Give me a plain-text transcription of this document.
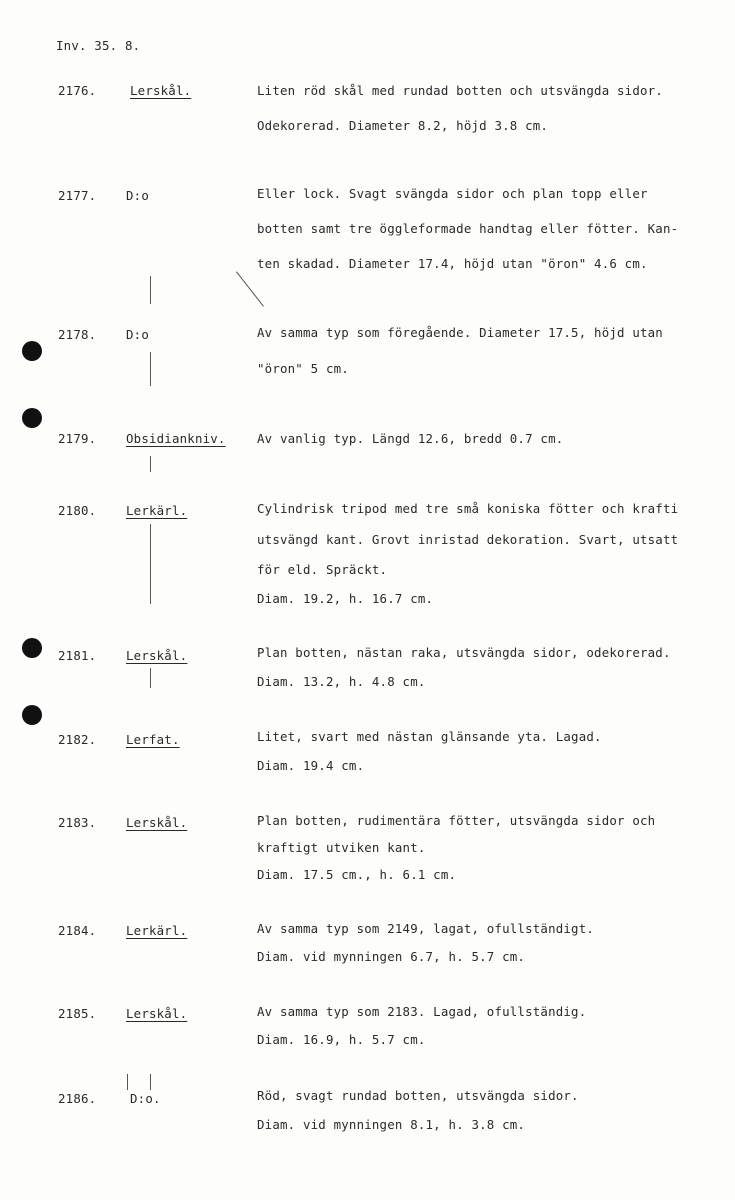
Inv. 35. 8.
2176.	Lerskål.	Liten röd skål med rundad botten och utsvängda sidor.
Odekorerad. Diameter 8.2, höjd 3.8 cm.
2177. D:o	Eller lock. Svagt svängda sidor och plan topp eller
botten samt tre öggleformade handtag eller fötter. Kan-
ten skadad. Diameter 17.4, höjd utan "öron" 4.6 cm.
2178. D:o	Av samma typ som föregående. Diameter 17.5, höjd utan
"öron" 5 cm.
2179. Obsidiankniv.	Av vanlig typ. Längd 12.6, bredd 0.7 cm.
2180. Lerkärl.	Cylindrisk tripod med tre små koniska fötter och krafti
utsvängd kant. Grovt inristad dekoration. Svart, utsatt
för eld. Spräckt.
Diam. 19.2, h. 16.7 cm.
2181. Lerskål.	Plan botten, nästan raka, utsvängda sidor, odekorerad.
Diam. 13.2, h. 4.8 cm.
2182. Lerfat.	Litet, svart med nästan glänsande yta. Lagad.
Diam. 19.4 cm.
2183. Lerskål.	Plan botten, rudimentära fötter, utsvängda sidor och
kraftigt utviken kant.
Diam. 17.5 cm., h. 6.1 cm.
2184. Lerkärl.	Av samma typ som 2149, lagat, ofullständigt.
Diam. vid mynningen 6.7, h. 5.7 cm.
2185. Lerskål.	Av samma typ som 2183. Lagad, ofullständig.
Diam. 16.9, h. 5.7 cm.
2186.	D:o.	Röd, svagt rundad botten, utsvängda sidor.
Diam. vid mynningen 8.1, h. 3.8 cm.
